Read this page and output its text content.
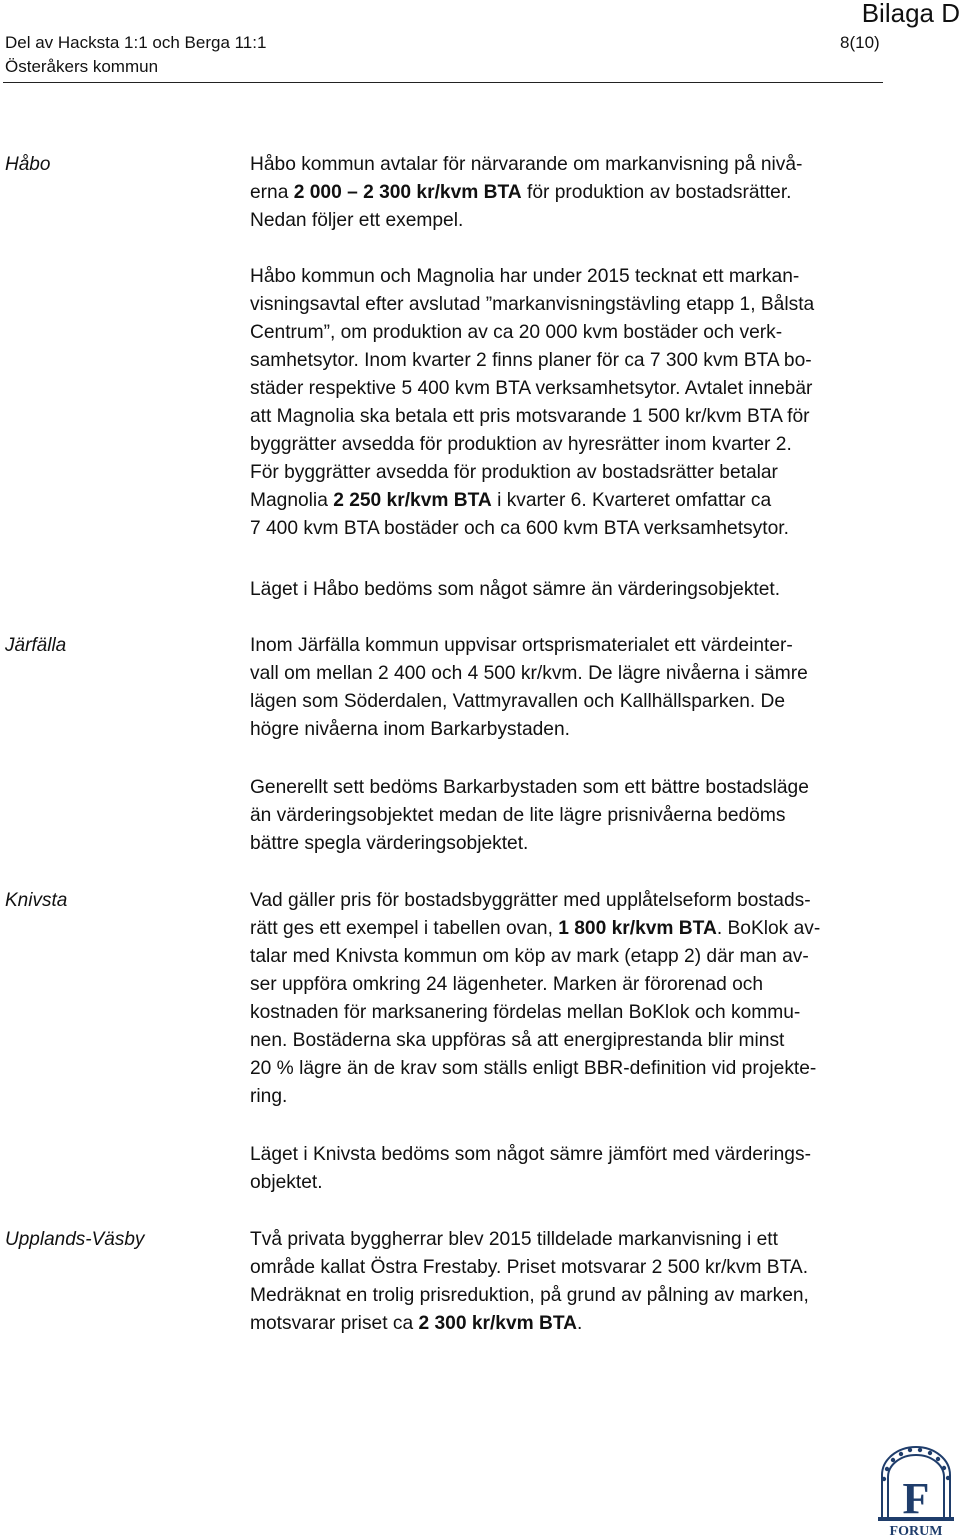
Bilaga D
Del av Hacksta 1:1 och Berga 11:1
Österåkers kommun
8(10)
Håbo	Håbo kommun avtalar för närvarande om markanvisning på nivå-
erna 2 000 – 2 300 kr/kvm BTA för produktion av bostadsrätter.
Nedan följer ett exempel.

Håbo kommun och Magnolia har under 2015 tecknat ett markan-
visningsavtal efter avslutad ”markanvisningstävling etapp 1, Bålsta
Centrum”, om produktion av ca 20 000 kvm bostäder och verk-
samhetsytor. Inom kvarter 2 finns planer för ca 7 300 kvm BTA bo-
städer respektive 5 400 kvm BTA verksamhetsytor. Avtalet innebär
att Magnolia ska betala ett pris motsvarande 1 500 kr/kvm BTA för
byggrätter avsedda för produktion av hyresrätter inom kvarter 2.
För byggrätter avsedda för produktion av bostadsrätter betalar
Magnolia 2 250 kr/kvm BTA i kvarter 6. Kvarteret omfattar ca
7 400 kvm BTA bostäder och ca 600 kvm BTA verksamhetsytor.

Läget i Håbo bedöms som något sämre än värderingsobjektet.

Järfälla	Inom Järfälla kommun uppvisar ortsprismaterialet ett värdeinter-
vall om mellan 2 400 och 4 500 kr/kvm. De lägre nivåerna i sämre
lägen som Söderdalen, Vattmyravallen och Kallhällsparken. De
högre nivåerna inom Barkarbystaden.

Generellt sett bedöms Barkarbystaden som ett bättre bostadsläge
än värderingsobjektet medan de lite lägre prisnivåerna bedöms
bättre spegla värderingsobjektet.

Knivsta	Vad gäller pris för bostadsbyggrätter med upplåtelseform bostads-
rätt ges ett exempel i tabellen ovan, 1 800 kr/kvm BTA. BoKlok av-
talar med Knivsta kommun om köp av mark (etapp 2) där man av-
ser uppföra omkring 24 lägenheter. Marken är förorenad och
kostnaden för marksanering fördelas mellan BoKlok och kommu-
nen. Bostäderna ska uppföras så att energiprestanda blir minst
20 % lägre än de krav som ställs enligt BBR-definition vid projekte-
ring.

Läget i Knivsta bedöms som något sämre jämfört med värderings-
objektet.

Upplands-Väsby	Två privata byggherrar blev 2015 tilldelade markanvisning i ett
område kallat Östra Frestaby. Priset motsvarar 2 500 kr/kvm BTA.
Medräknat en trolig prisreduktion, på grund av pålning av marken,
motsvarar priset ca 2 300 kr/kvm BTA.

F
FORUM
